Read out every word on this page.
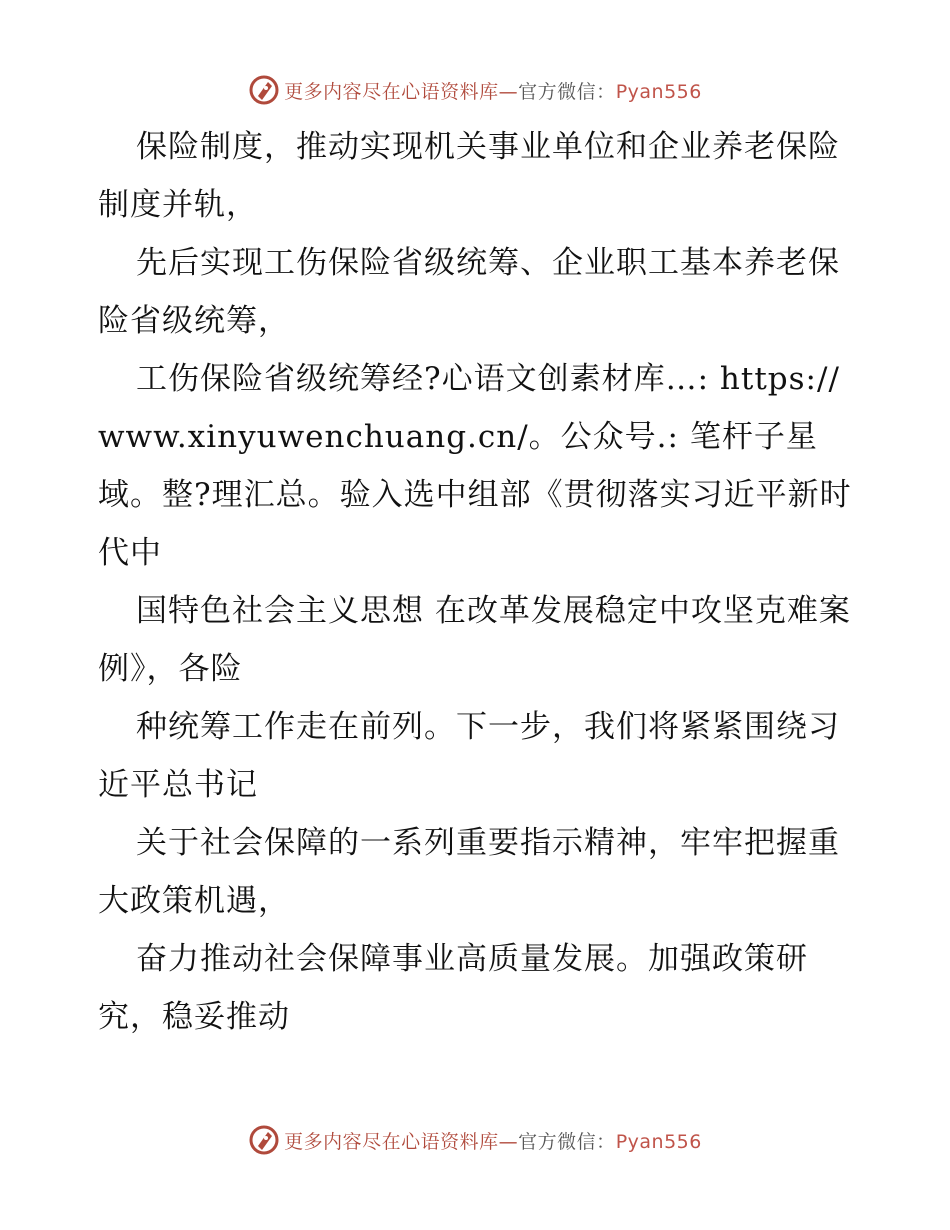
更多内容尽在心语资料库—官方微信：Pyan556

保险制度，推动实现机关事业单位和企业养老保险制度并轨，

先后实现工伤保险省级统筹、企业职工基本养老保险省级统筹，

工伤保险省级统筹经?心语文创素材库…: https://www.xinyuwenchuang.cn/。公众号.: 笔杆子星域。整?理汇总。验入选中组部《贯彻落实习近平新时代中

国特色社会主义思想 在改革发展稳定中攻坚克难案例》，各险

种统筹工作走在前列。下一步，我们将紧紧围绕习近平总书记

关于社会保障的一系列重要指示精神，牢牢把握重大政策机遇，

奋力推动社会保障事业高质量发展。加强政策研究，稳妥推动

更多内容尽在心语资料库—官方微信：Pyan556
